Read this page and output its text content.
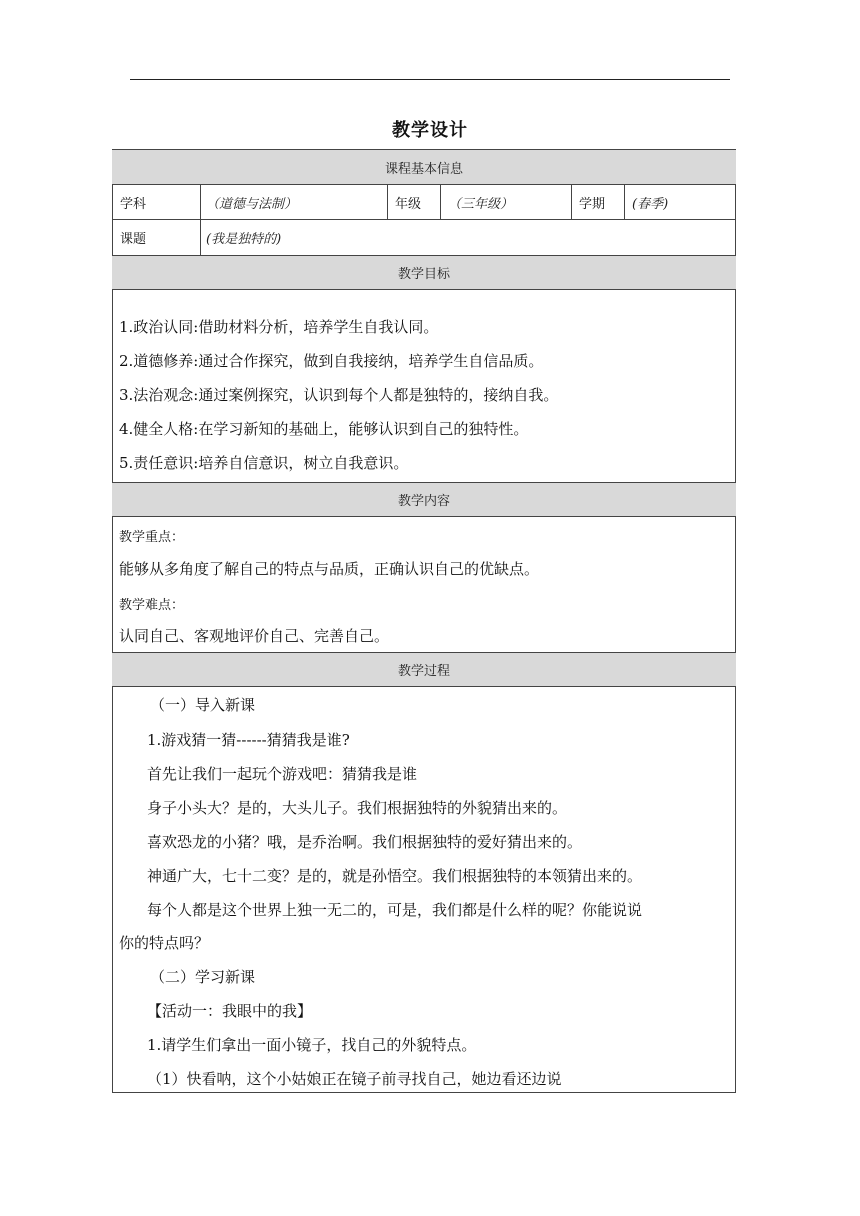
教学设计
课程基本信息
学科	（道德与法制）	年级 （三年级）	学期 (春季)
课题	(我是独特的)
教学目标
1.政治认同:借助材料分析，培养学生自我认同。
2.道德修养:通过合作探究，做到自我接纳，培养学生自信品质。
3.法治观念:通过案例探究，认识到每个人都是独特的，接纳自我。
4.健全人格:在学习新知的基础上，能够认识到自己的独特性。
5.责任意识:培养自信意识，树立自我意识。
教学内容
教学重点：
能够从多角度了解自己的特点与品质，正确认识自己的优缺点。
教学难点：
认同自己、客观地评价自己、完善自己。
教学过程
（一）导入新课
1.游戏猜一猜------猜猜我是谁?
首先让我们一起玩个游戏吧：猜猜我是谁
身子小头大？是的，大头儿子。我们根据独特的外貌猜出来的。
喜欢恐龙的小猪？哦，是乔治啊。我们根据独特的爱好猜出来的。
神通广大，七十二变？是的，就是孙悟空。我们根据独特的本领猜出来的。
每个人都是这个世界上独一无二的，可是，我们都是什么样的呢？你能说说
你的特点吗？
（二）学习新课
【活动一：我眼中的我】
1.请学生们拿出一面小镜子，找自己的外貌特点。
（1）快看呐，这个小姑娘正在镜子前寻找自己，她边看还边说
